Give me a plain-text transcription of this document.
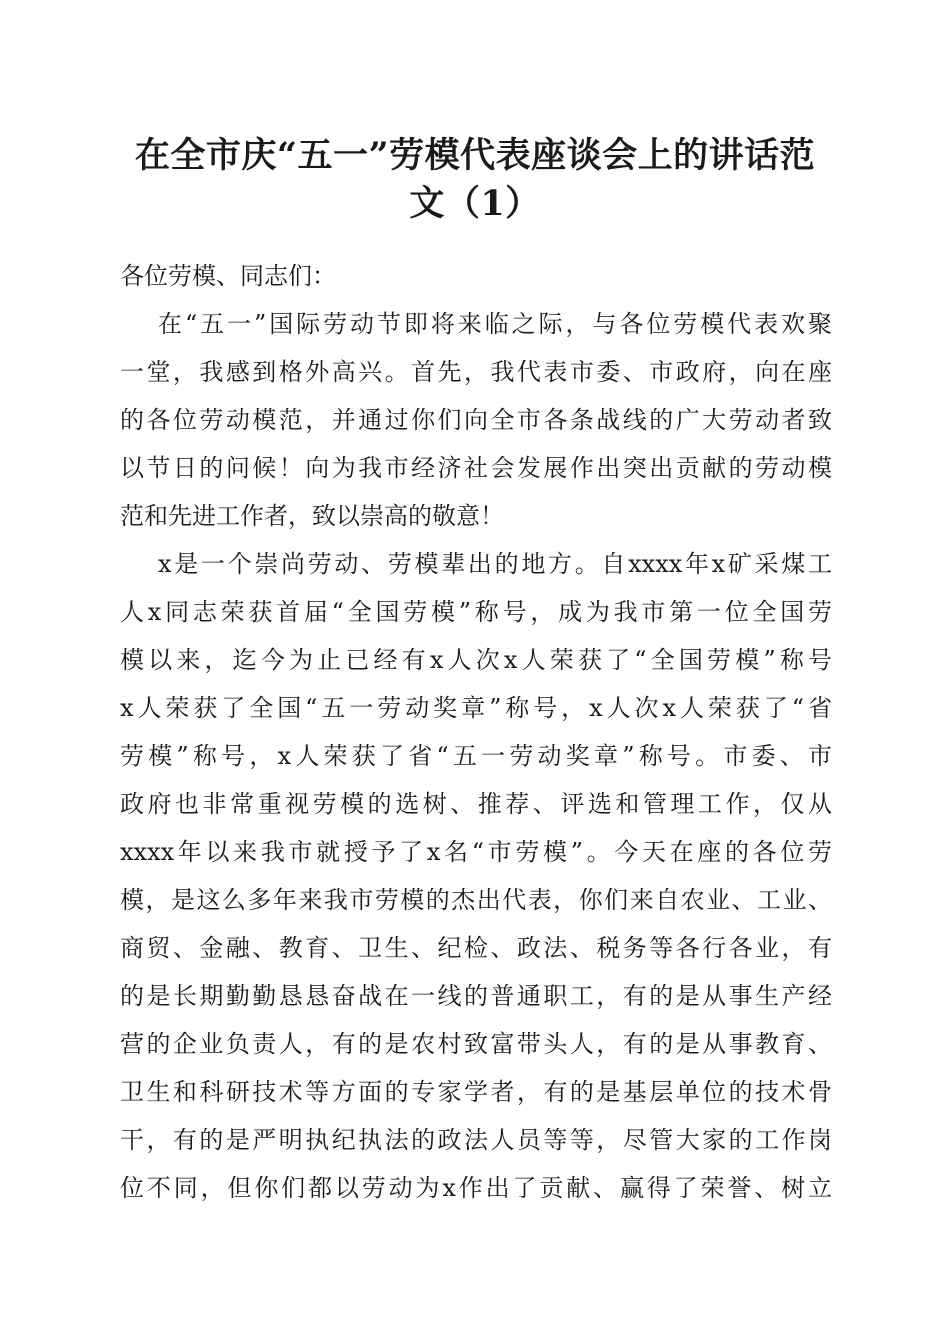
在全市庆“五一”劳模代表座谈会上的讲话范
文（1）
各位劳模、同志们：
在“五一”国际劳动节即将来临之际，与各位劳模代表欢聚
一堂，我感到格外高兴。首先，我代表市委、市政府，向在座
的各位劳动模范，并通过你们向全市各条战线的广大劳动者致
以节日的问候！向为我市经济社会发展作出突出贡献的劳动模
范和先进工作者，致以崇高的敬意！
x是一个崇尚劳动、劳模辈出的地方。自xxxx年x矿采煤工
人x同志荣获首届“全国劳模”称号，成为我市第一位全国劳
模以来，迄今为止已经有x人次x人荣获了“全国劳模”称号
x人荣获了全国“五一劳动奖章”称号，x人次x人荣获了“省
劳模”称号，x人荣获了省“五一劳动奖章”称号。市委、市
政府也非常重视劳模的选树、推荐、评选和管理工作，仅从
xxxx年以来我市就授予了x名“市劳模”。今天在座的各位劳
模，是这么多年来我市劳模的杰出代表，你们来自农业、工业、
商贸、金融、教育、卫生、纪检、政法、税务等各行各业，有
的是长期勤勤恳恳奋战在一线的普通职工，有的是从事生产经
营的企业负责人，有的是农村致富带头人，有的是从事教育、
卫生和科研技术等方面的专家学者，有的是基层单位的技术骨
干，有的是严明执纪执法的政法人员等等，尽管大家的工作岗
位不同，但你们都以劳动为x作出了贡献、赢得了荣誉、树立
